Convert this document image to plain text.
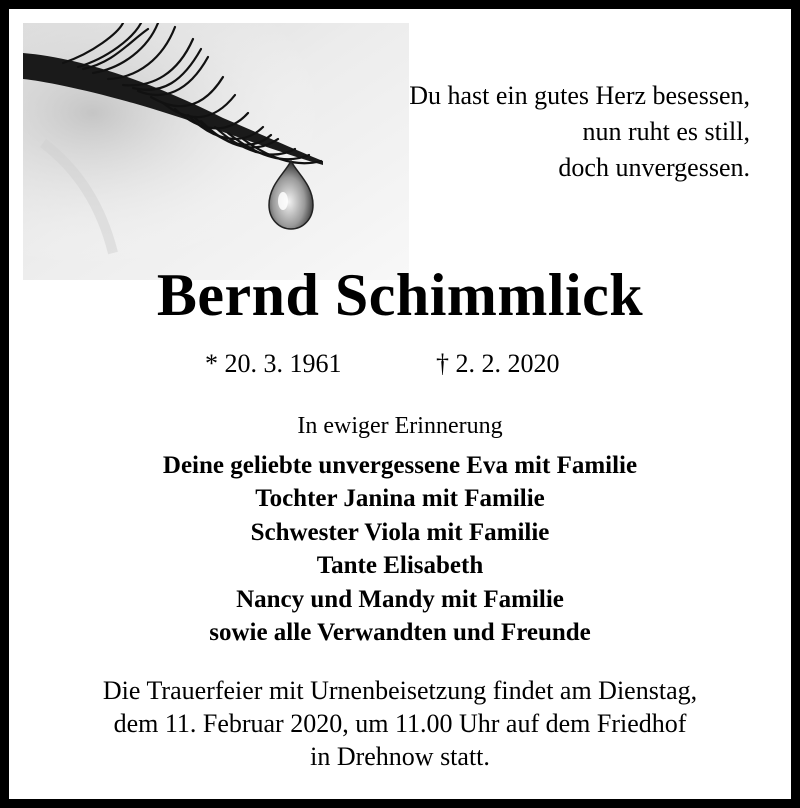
Du hast ein gutes Herz besessen,
nun ruht es still,
doch unvergessen.
Bernd Schimmlick
* 20. 3. 1961	† 2. 2. 2020
In ewiger Erinnerung
Deine geliebte unvergessene Eva mit Familie
Tochter Janina mit Familie
Schwester Viola mit Familie
Tante Elisabeth
Nancy und Mandy mit Familie
sowie alle Verwandten und Freunde
Die Trauerfeier mit Urnenbeisetzung findet am Dienstag,
dem 11. Februar 2020, um 11.00 Uhr auf dem Friedhof
in Drehnow statt.
